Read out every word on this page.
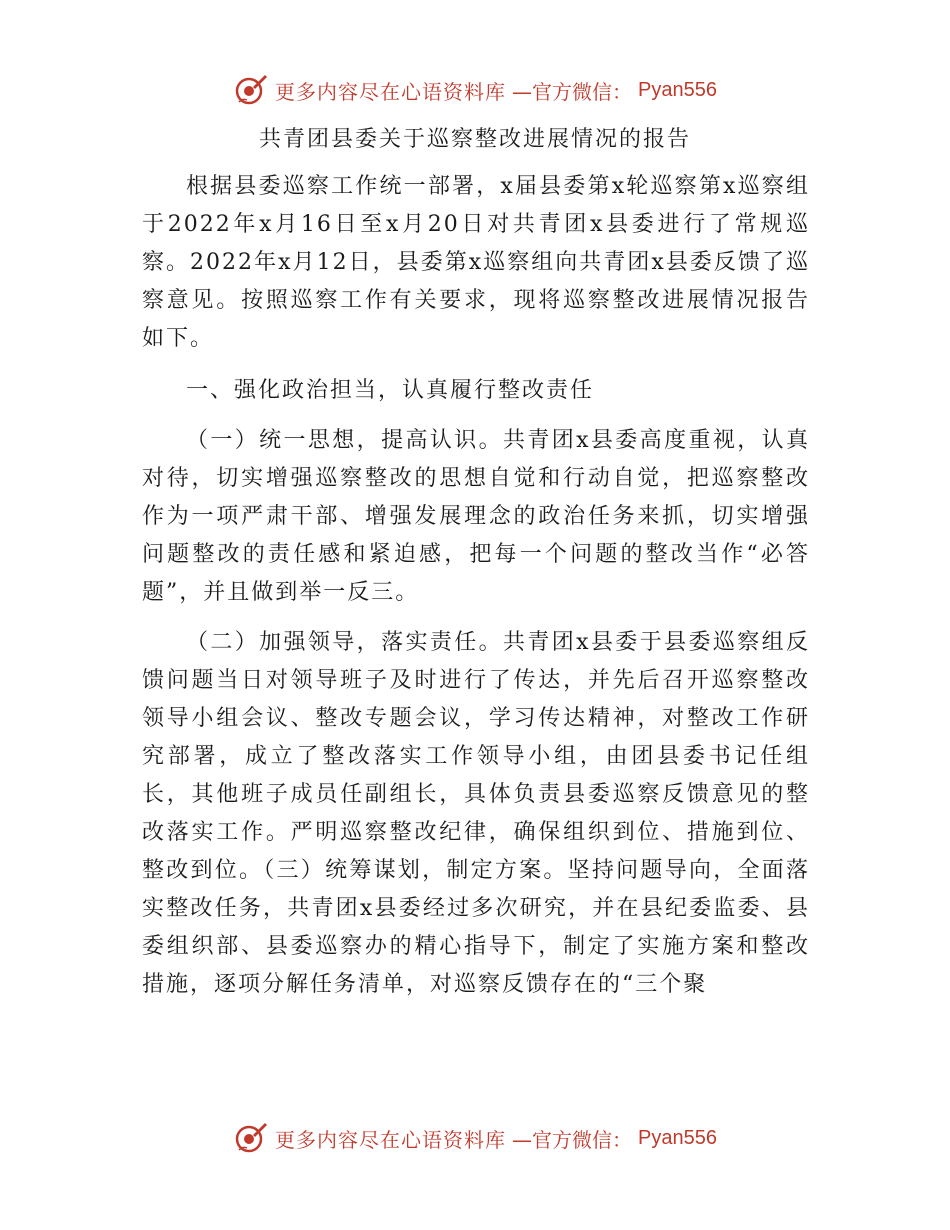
更多内容尽在心语资料库 —官方微信： Pyan556
共青团县委关于巡察整改进展情况的报告

根据县委巡察工作统一部署，x届县委第x轮巡察第x巡察组于2022年x月16日至x月20日对共青团x县委进行了常规巡察。2022年x月12日，县委第x巡察组向共青团x县委反馈了巡察意见。按照巡察工作有关要求，现将巡察整改进展情况报告如下。

一、强化政治担当，认真履行整改责任

（一）统一思想，提高认识。共青团x县委高度重视，认真对待，切实增强巡察整改的思想自觉和行动自觉，把巡察整改作为一项严肃干部、增强发展理念的政治任务来抓，切实增强问题整改的责任感和紧迫感，把每一个问题的整改当作“必答题”，并且做到举一反三。

（二）加强领导，落实责任。共青团x县委于县委巡察组反馈问题当日对领导班子及时进行了传达，并先后召开巡察整改领导小组会议、整改专题会议，学习传达精神，对整改工作研究部署，成立了整改落实工作领导小组，由团县委书记任组长，其他班子成员任副组长，具体负责县委巡察反馈意见的整改落实工作。严明巡察整改纪律，确保组织到位、措施到位、整改到位。（三）统筹谋划，制定方案。坚持问题导向，全面落实整改任务，共青团x县委经过多次研究，并在县纪委监委、县委组织部、县委巡察办的精心指导下，制定了实施方案和整改措施，逐项分解任务清单，对巡察反馈存在的“三个聚

更多内容尽在心语资料库 —官方微信： Pyan556
